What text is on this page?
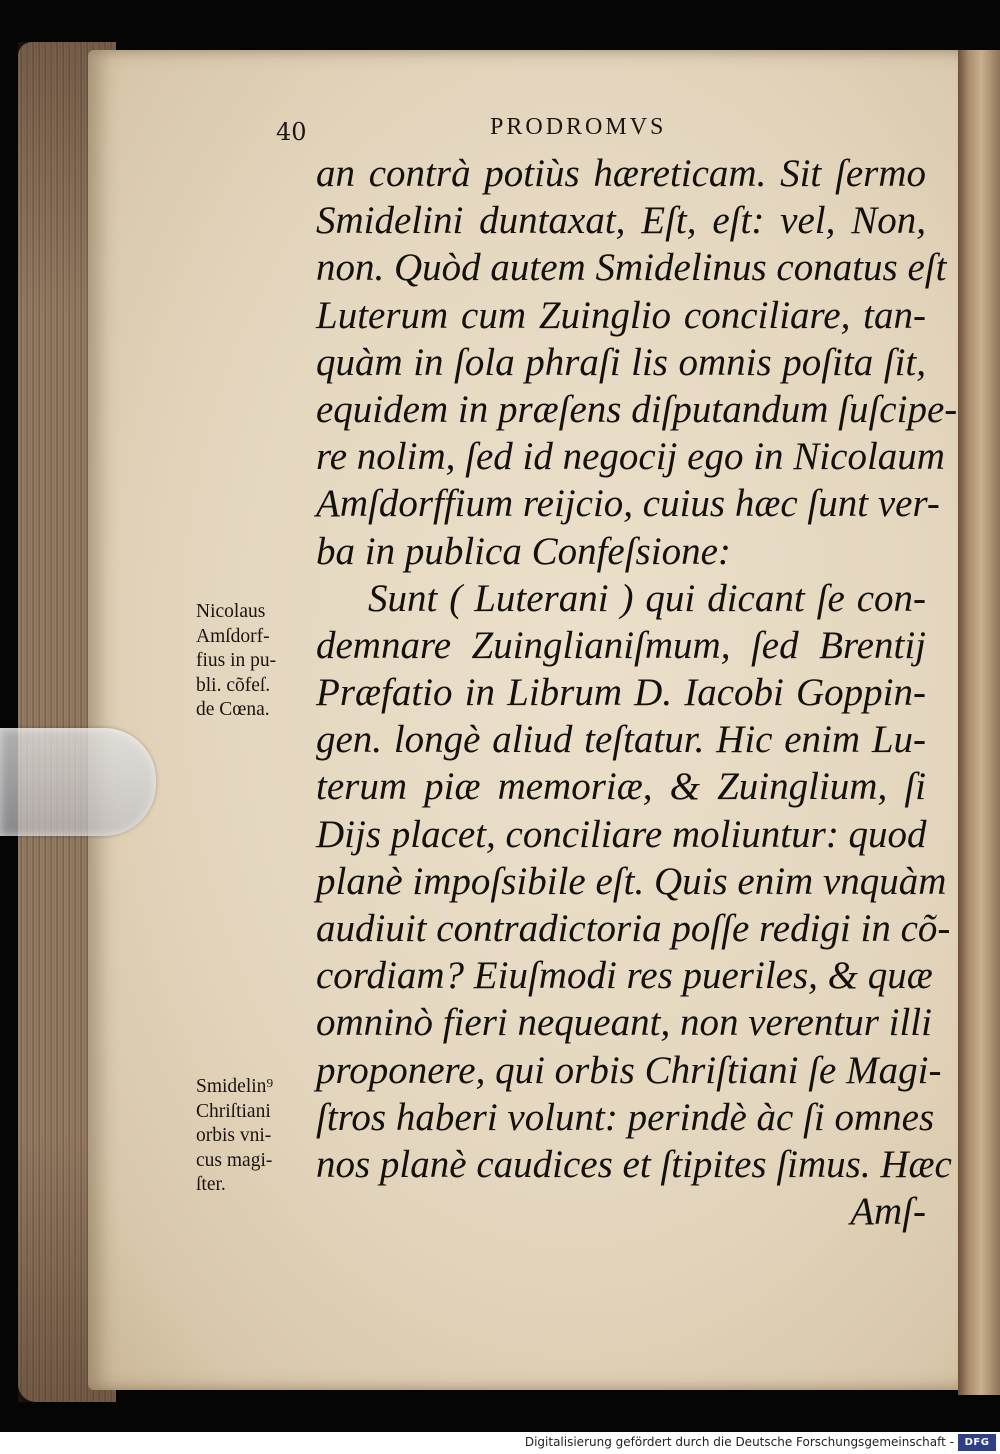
40	PRODROMVS
an contrà potiùs hæreticam. Sit ſermo
Smidelini duntaxat, Eſt, eſt: vel, Non,
non. Quòd autem Smidelinus conatus eſt
Luterum cum Zuinglio conciliare, tan-
quàm in ſola phraſi lis omnis poſita ſit,
equidem in præſens diſputandum ſuſcipe-
re nolim, ſed id negocij ego in Nicolaum
Amſdorffium reijcio, cuius hæc ſunt ver-
ba in publica Confeſsione:
Sunt ( Luterani ) qui dicant ſe con-
demnare Zuinglianiſmum, ſed Brentij
Præfatio in Librum D. Iacobi Goppin-
gen. longè aliud teſtatur. Hic enim Lu-
terum piæ memoriæ, & Zuinglium, ſi
Dijs placet, conciliare moliuntur: quod
planè impoſsibile eſt. Quis enim vnquàm
audiuit contradictoria poſſe redigi in cõ-
cordiam? Eiuſmodi res pueriles, & quæ
omninò fieri nequeant, non verentur illi
proponere, qui orbis Chriſtiani ſe Magi-
ſtros haberi volunt: perindè àc ſi omnes
nos planè caudices et ſtipites ſimus. Hæc
Amſ-
Nicolaus
Amſdorf-
fius in pu-
bli. cõfeſ.
de Cœna.
Smidelin⁹
Chriſtiani
orbis vni-
cus magi-
ſter.
Digitalisierung gefördert durch die Deutsche Forschungsgemeinschaft -	DFG
